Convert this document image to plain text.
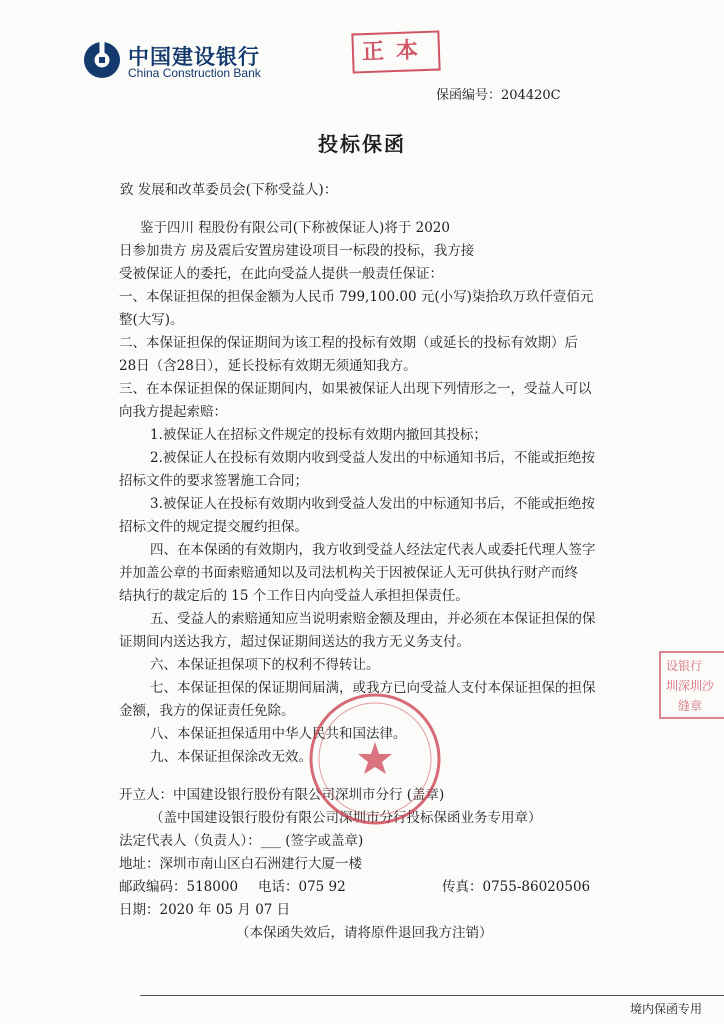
中国建设银行
China Construction Bank
正本
保函编号：204420C
投标保函
致 发展和改革委员会(下称受益人)：
鉴于四川 程股份有限公司(下称被保证人)将于 2020
日参加贵方 房及震后安置房建设项目一标段的投标，我方接
受被保证人的委托，在此向受益人提供一般责任保证：
一、本保证担保的担保金额为人民币 799,100.00 元(小写)柒拾玖万玖仟壹佰元
整(大写)。
二、本保证担保的保证期间为该工程的投标有效期（或延长的投标有效期）后
28日（含28日），延长投标有效期无须通知我方。
三、在本保证担保的保证期间内，如果被保证人出现下列情形之一，受益人可以
向我方提起索赔：
1.被保证人在招标文件规定的投标有效期内撤回其投标；
2.被保证人在投标有效期内收到受益人发出的中标通知书后，不能或拒绝按
招标文件的要求签署施工合同；
3.被保证人在投标有效期内收到受益人发出的中标通知书后，不能或拒绝按
招标文件的规定提交履约担保。
四、在本保函的有效期内，我方收到受益人经法定代表人或委托代理人签字
并加盖公章的书面索赔通知以及司法机构关于因被保证人无可供执行财产而终
结执行的裁定后的 15 个工作日内向受益人承担担保责任。
五、受益人的索赔通知应当说明索赔金额及理由，并必须在本保证担保的保
证期间内送达我方，超过保证期间送达的我方无义务支付。
六、本保证担保项下的权利不得转让。
七、本保证担保的保证期间届满，或我方已向受益人支付本保证担保的担保
金额，我方的保证责任免除。
八、本保证担保适用中华人民共和国法律。
九、本保证担保涂改无效。
开立人：中国建设银行股份有限公司深圳市分行 (盖章)
（盖中国建设银行股份有限公司深圳市分行投标保函业务专用章）
法定代表人（负责人）：___ (签字或盖章)
地址：深圳市南山区白石洲建行大厦一楼
邮政编码：518000 电话：075 92	传真：0755-86020506
日期：2020 年 05 月 07 日
（本保函失效后，请将原件退回我方注销）
设银行
圳深圳沙
缝章
境内保函专用
